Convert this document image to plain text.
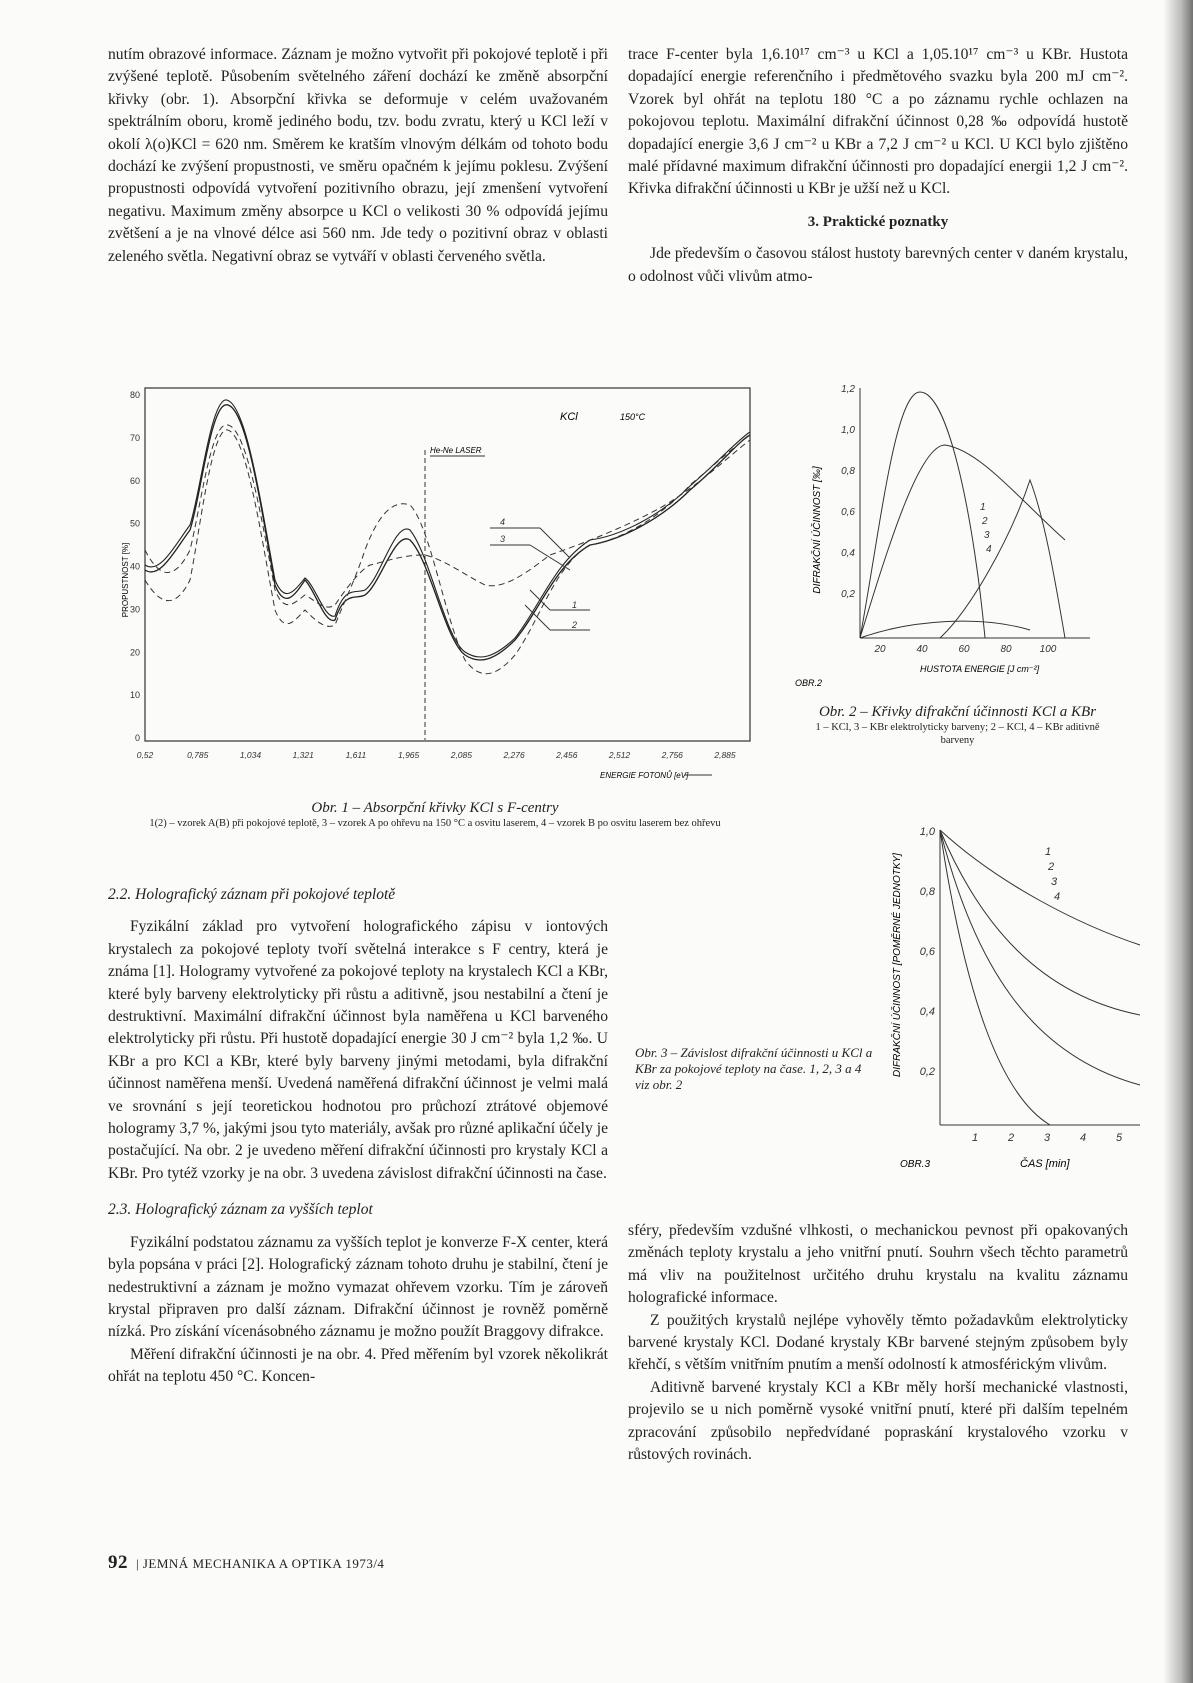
nutím obrazové informace. Záznam je možno vytvořit při pokojové teplotě i při zvýšené teplotě. Působením světelného záření dochází ke změně absorpční křivky (obr. 1). Absorpční křivka se deformuje v celém uvažovaném spektrálním oboru, kromě jediného bodu, tzv. bodu zvratu, který u KCl leží v okolí λ(o)KCl = 620 nm. Směrem ke kratším vlnovým délkám od tohoto bodu dochází ke zvýšení propustnosti, ve směru opačném k jejímu poklesu. Zvýšení propustnosti odpovídá vytvoření pozitivního obrazu, její zmenšení vytvoření negativu. Maximum změny absorpce u KCl o velikosti 30 % odpovídá jejímu zvětšení a je na vlnové délce asi 560 nm. Jde tedy o pozitivní obraz v oblasti zeleného světla. Negativní obraz se vytváří v oblasti červeného světla.

trace F-center byla 1,6.10¹⁷ cm⁻³ u KCl a 1,05.10¹⁷ cm⁻³ u KBr. Hustota dopadající energie referenčního i předmětového svazku byla 200 mJ cm⁻². Vzorek byl ohřát na teplotu 180 °C a po záznamu rychle ochlazen na pokojovou teplotu. Maximální difrakční účinnost 0,28 ‰ odpovídá hustotě dopadající energie 3,6 J cm⁻² u KBr a 7,2 J cm⁻² u KCl. U KCl bylo zjištěno malé přídavné maximum difrakční účinnosti pro dopadající energii 1,2 J cm⁻². Křivka difrakční účinnosti u KBr je užší než u KCl.

3. Praktické poznatky

Jde především o časovou stálost hustoty barevných center v daném krystalu, o odolnost vůči vlivům atmo-

80
70
60
50
40
30
20
10
0
0,52	0,785	1,034	1,321	1,611	1,965	2,085	2,276	2,456	2,512	2,756	2,885
PROPUSTNOST [%]
ENERGIE FOTONŮ [eV]
KCl	150°C
He-Ne LASER
4
3
1
2
Obr. 1 – Absorpční křivky KCl s F-centry
1(2) – vzorek A(B) při pokojové teplotě, 3 – vzorek A po ohřevu na 150 °C a osvitu laserem, 4 – vzorek B po osvitu laserem bez ohřevu
1,2
1,0
0,8
0,6
0,4
0,2
20	40	60	80	100
DIFRAKČNÍ ÚČINNOST [‰]
HUSTOTA ENERGIE [J cm⁻²]
OBR.2
1
2
3
4
Obr. 2 – Křivky difrakční účinnosti KCl a KBr
1 – KCl, 3 – KBr elektrolyticky barveny; 2 – KCl, 4 – KBr aditivně barveny
1,0
0,8
0,6
0,4
0,2
1	2	3	4	5
DIFRAKČNÍ ÚČINNOST [POMĚRNÉ JEDNOTKY]
ČAS [min]
OBR.3
1
2
3
4
Obr. 3 – Závislost difrakční účinnosti u KCl a KBr za pokojové teploty na čase. 1, 2, 3 a 4 viz obr. 2
2.2. Holografický záznam při pokojové teplotě

Fyzikální základ pro vytvoření holografického zápisu v iontových krystalech za pokojové teploty tvoří světelná interakce s F centry, která je známa [1]. Hologramy vytvořené za pokojové teploty na krystalech KCl a KBr, které byly barveny elektrolyticky při růstu a aditivně, jsou nestabilní a čtení je destruktivní. Maximální difrakční účinnost byla naměřena u KCl barveného elektrolyticky při růstu. Při hustotě dopadající energie 30 J cm⁻² byla 1,2 ‰. U KBr a pro KCl a KBr, které byly barveny jinými metodami, byla difrakční účinnost naměřena menší. Uvedená naměřená difrakční účinnost je velmi malá ve srovnání s její teoretickou hodnotou pro průchozí ztrátové objemové hologramy 3,7 %, jakými jsou tyto materiály, avšak pro různé aplikační účely je postačující. Na obr. 2 je uvedeno měření difrakční účinnosti pro krystaly KCl a KBr. Pro tytéž vzorky je na obr. 3 uvedena závislost difrakční účinnosti na čase.

2.3. Holografický záznam za vyšších teplot

Fyzikální podstatou záznamu za vyšších teplot je konverze F-X center, která byla popsána v práci [2]. Holografický záznam tohoto druhu je stabilní, čtení je nedestruktivní a záznam je možno vymazat ohřevem vzorku. Tím je zároveň krystal připraven pro další záznam. Difrakční účinnost je rovněž poměrně nízká. Pro získání vícenásobného záznamu je možno použít Braggovy difrakce.

Měření difrakční účinnosti je na obr. 4. Před měřením byl vzorek několikrát ohřát na teplotu 450 °C. Koncen-

sféry, především vzdušné vlhkosti, o mechanickou pevnost při opakovaných změnách teploty krystalu a jeho vnitřní pnutí. Souhrn všech těchto parametrů má vliv na použitelnost určitého druhu krystalu na kvalitu záznamu holografické informace.

Z použitých krystalů nejlépe vyhověly těmto požadavkům elektrolyticky barvené krystaly KCl. Dodané krystaly KBr barvené stejným způsobem byly křehčí, s větším vnitřním pnutím a menší odolností k atmosférickým vlivům.

Aditivně barvené krystaly KCl a KBr měly horší mechanické vlastnosti, projevilo se u nich poměrně vysoké vnitřní pnutí, které při dalším tepelném zpracování způsobilo nepředvídané popraskání krystalového vzorku v růstových rovinách.

92 | JEMNÁ MECHANIKA A OPTIKA 1973/4
